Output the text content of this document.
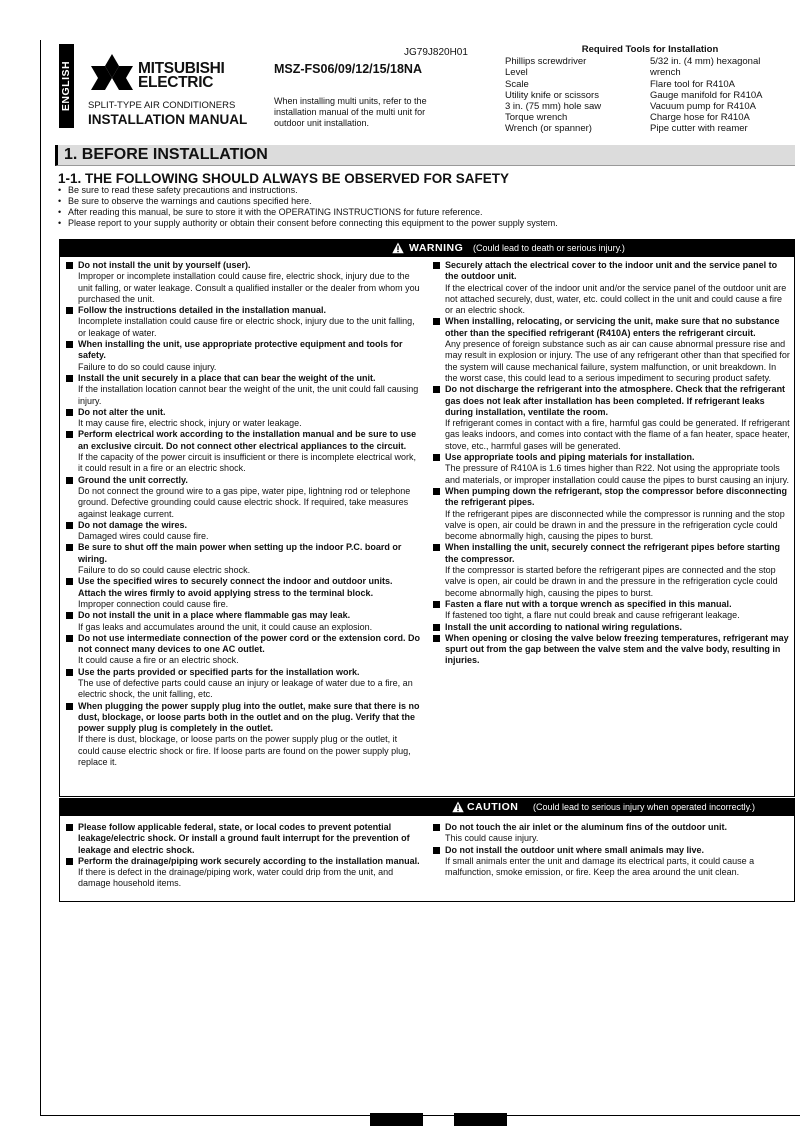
ENGLISH	MITSUBISHI
ELECTRIC
SPLIT-TYPE AIR CONDITIONERS
INSTALLATION MANUAL
JG79J820H01
MSZ-FS06/09/12/15/18NA
When installing multi units, refer to the installation manual of the multi unit for outdoor unit installation.
Required Tools for Installation
Phillips screwdriver
Level
Scale
Utility knife or scissors
3 in. (75 mm) hole saw
Torque wrench
Wrench (or spanner)
5/32 in. (4 mm) hexagonal
wrench
Flare tool for R410A
Gauge manifold for R410A
Vacuum pump for R410A
Charge hose for R410A
Pipe cutter with reamer
1. BEFORE INSTALLATION
1-1. THE FOLLOWING SHOULD ALWAYS BE OBSERVED FOR SAFETY
• Be sure to read these safety precautions and instructions.
• Be sure to observe the warnings and cautions specified here.
• After reading this manual, be sure to store it with the OPERATING INSTRUCTIONS for future reference.
• Please report to your supply authority or obtain their consent before connecting this equipment to the power supply system.
WARNING (Could lead to death or serious injury.)
Do not install the unit by yourself (user).
Improper or incomplete installation could cause fire, electric shock, injury due to the unit falling, or water leakage. Consult a qualified installer or the dealer from whom you purchased the unit.
Follow the instructions detailed in the installation manual.
Incomplete installation could cause fire or electric shock, injury due to the unit falling, or leakage of water.
When installing the unit, use appropriate protective equipment and tools for safety.
Failure to do so could cause injury.
Install the unit securely in a place that can bear the weight of the unit.
If the installation location cannot bear the weight of the unit, the unit could fall causing injury.
Do not alter the unit.
It may cause fire, electric shock, injury or water leakage.
Perform electrical work according to the installation manual and be sure to use an exclusive circuit. Do not connect other electrical appliances to the circuit.
If the capacity of the power circuit is insufficient or there is incomplete electrical work, it could result in a fire or an electric shock.
Ground the unit correctly.
Do not connect the ground wire to a gas pipe, water pipe, lightning rod or telephone ground. Defective grounding could cause electric shock. If required, take measures against leakage current.
Do not damage the wires.
Damaged wires could cause fire.
Be sure to shut off the main power when setting up the indoor P.C. board or wiring.
Failure to do so could cause electric shock.
Use the specified wires to securely connect the indoor and outdoor units. Attach the wires firmly to avoid applying stress to the terminal block.
Improper connection could cause fire.
Do not install the unit in a place where flammable gas may leak.
If gas leaks and accumulates around the unit, it could cause an explosion.
Do not use intermediate connection of the power cord or the extension cord. Do not connect many devices to one AC outlet.
It could cause a fire or an electric shock.
Use the parts provided or specified parts for the installation work.
The use of defective parts could cause an injury or leakage of water due to a fire, an electric shock, the unit falling, etc.
When plugging the power supply plug into the outlet, make sure that there is no dust, blockage, or loose parts both in the outlet and on the plug. Verify that the power supply plug is completely in the outlet.
If there is dust, blockage, or loose parts on the power supply plug or the outlet, it could cause electric shock or fire. If loose parts are found on the power supply plug, replace it.
Securely attach the electrical cover to the indoor unit and the service panel to the outdoor unit.
If the electrical cover of the indoor unit and/or the service panel of the outdoor unit are not attached securely, dust, water, etc. could collect in the unit and could cause a fire or an electric shock.
When installing, relocating, or servicing the unit, make sure that no substance other than the specified refrigerant (R410A) enters the refrigerant circuit.
Any presence of foreign substance such as air can cause abnormal pressure rise and may result in explosion or injury. The use of any refrigerant other than that specified for the system will cause mechanical failure, system malfunction, or unit breakdown. In the worst case, this could lead to a serious impediment to securing product safety.
Do not discharge the refrigerant into the atmosphere. Check that the refrigerant gas does not leak after installation has been completed. If refrigerant leaks during installation, ventilate the room.
If refrigerant comes in contact with a fire, harmful gas could be generated. If refrigerant gas leaks indoors, and comes into contact with the flame of a fan heater, space heater, stove, etc., harmful gases will be generated.
Use appropriate tools and piping materials for installation.
The pressure of R410A is 1.6 times higher than R22. Not using the appropriate tools and materials, or improper installation could cause the pipes to burst causing an injury.
When pumping down the refrigerant, stop the compressor before disconnecting the refrigerant pipes.
If the refrigerant pipes are disconnected while the compressor is running and the stop valve is open, air could be drawn in and the pressure in the refrigeration cycle could become abnormally high, causing the pipes to burst.
When installing the unit, securely connect the refrigerant pipes before starting the compressor.
If the compressor is started before the refrigerant pipes are connected and the stop valve is open, air could be drawn in and the pressure in the refrigeration cycle could become abnormally high, causing the pipes to burst.
Fasten a flare nut with a torque wrench as specified in this manual.
If fastened too tight, a flare nut could break and cause refrigerant leakage.
Install the unit according to national wiring regulations.
When opening or closing the valve below freezing temperatures, refrigerant may spurt out from the gap between the valve stem and the valve body, resulting in injuries.
CAUTION (Could lead to serious injury when operated incorrectly.)
Please follow applicable federal, state, or local codes to prevent potential leakage/electric shock. Or install a ground fault interrupt for the prevention of leakage and electric shock.
Perform the drainage/piping work securely according to the installation manual.
If there is defect in the drainage/piping work, water could drip from the unit, and damage household items.
Do not touch the air inlet or the aluminum fins of the outdoor unit.
This could cause injury.
Do not install the outdoor unit where small animals may live.
If small animals enter the unit and damage its electrical parts, it could cause a malfunction, smoke emission, or fire. Keep the area around the unit clean.
